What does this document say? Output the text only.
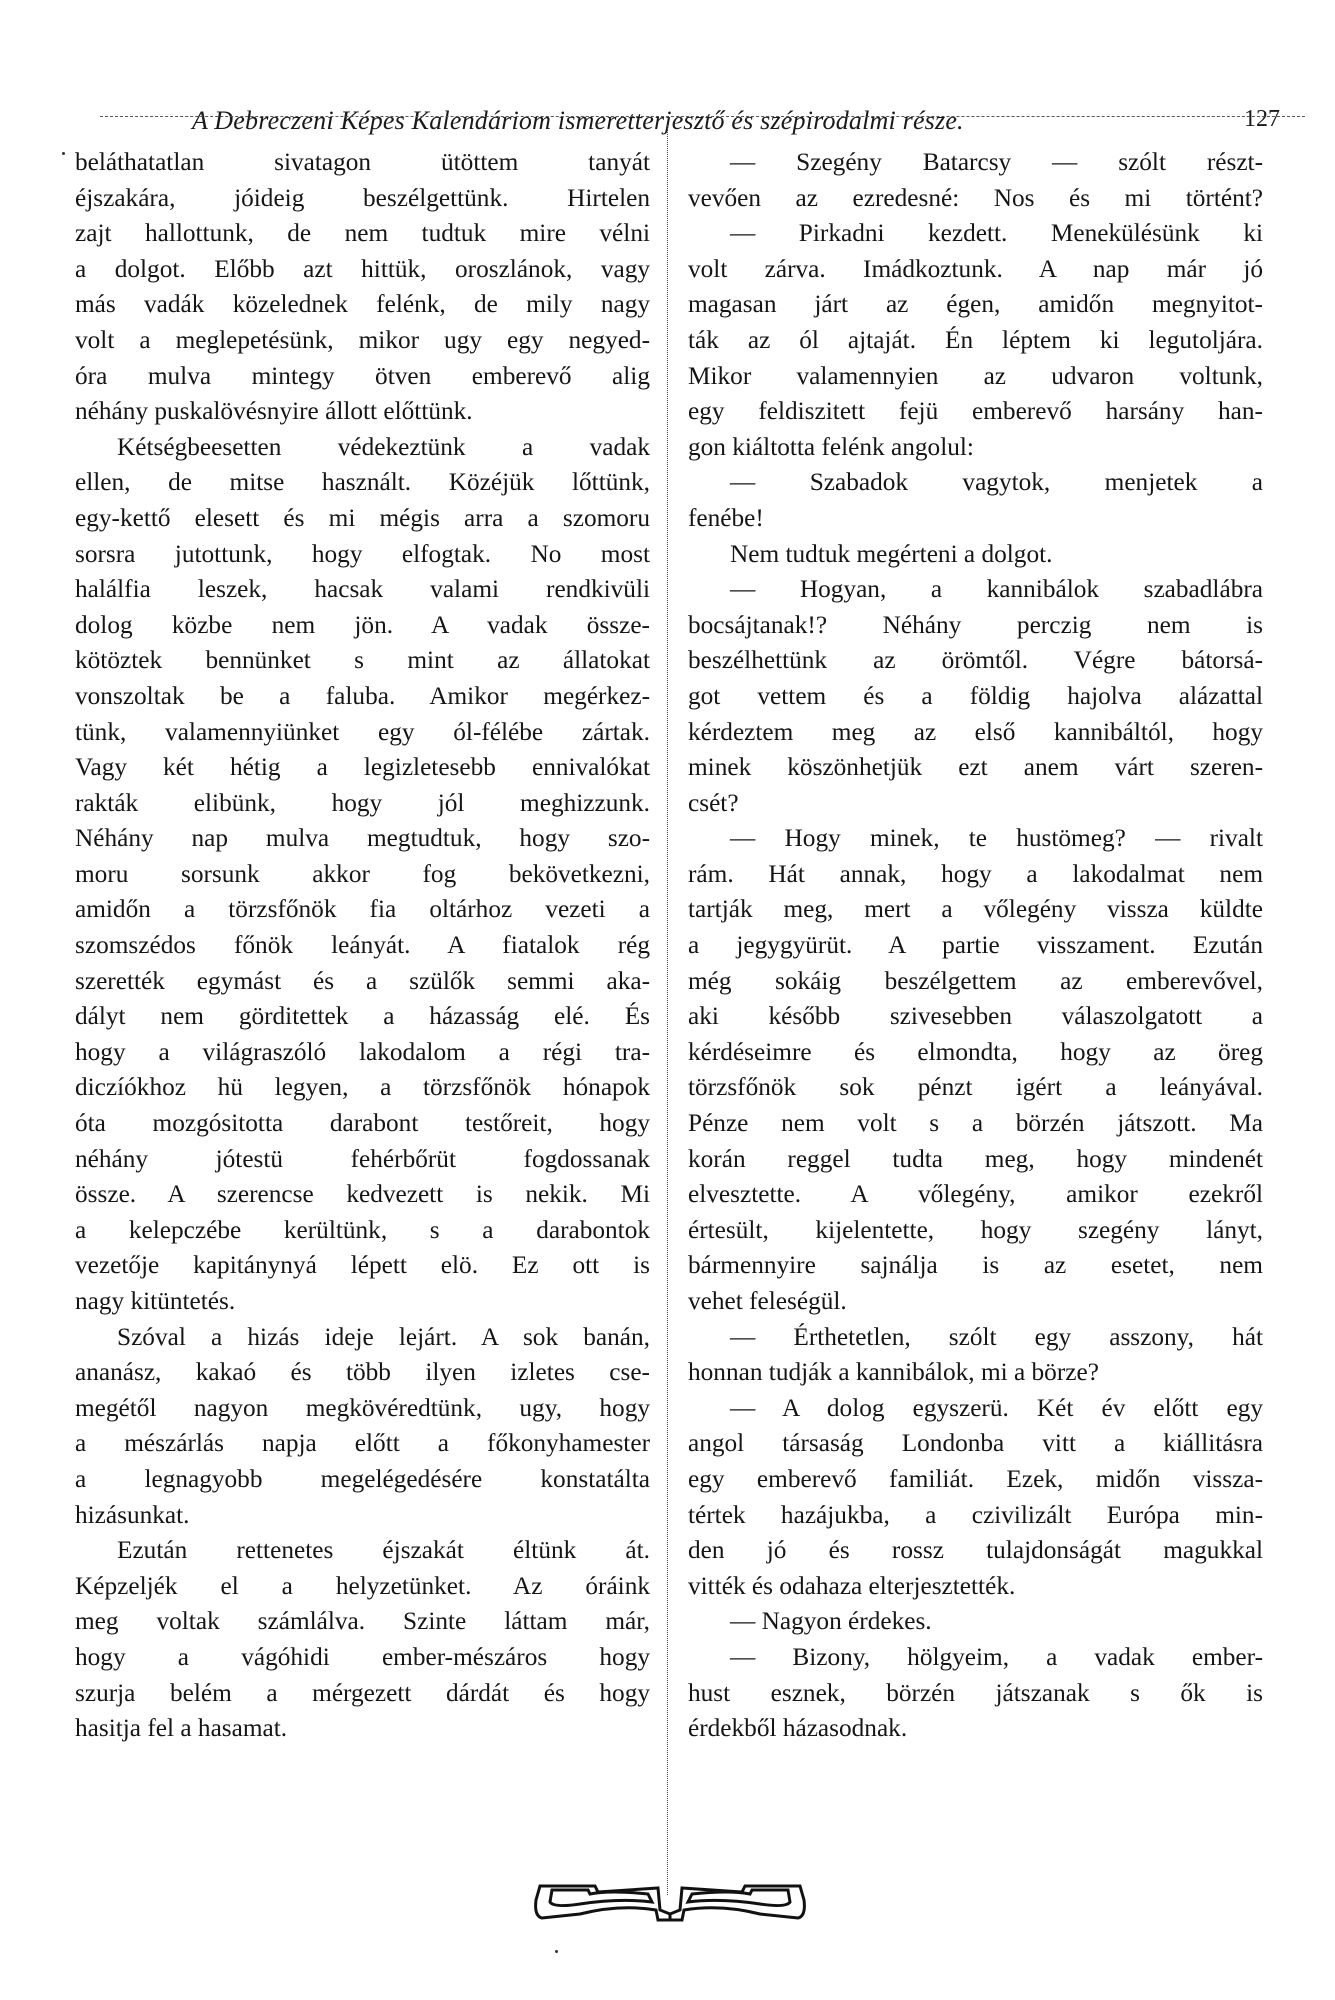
A Debreczeni Képes Kalendáriom ismeretterjesztő és szépirodalmi része.	127
beláthatatlan sivatagon ütöttem tanyát
éjszakára, jóideig beszélgettünk. Hirtelen
zajt hallottunk, de nem tudtuk mire vélni
a dolgot. Előbb azt hittük, oroszlánok, vagy
más vadák közelednek felénk, de mily nagy
volt a meglepetésünk, mikor ugy egy negyed-
óra mulva mintegy ötven emberevő alig
néhány puskalövésnyire állott előttünk.
Kétségbeesetten védekeztünk a vadak
ellen, de mitse használt. Közéjük lőttünk,
egy-kettő elesett és mi mégis arra a szomoru
sorsra jutottunk, hogy elfogtak. No most
halálfia leszek, hacsak valami rendkivüli
dolog közbe nem jön. A vadak össze-
kötöztek bennünket s mint az állatokat
vonszoltak be a faluba. Amikor megérkez-
tünk, valamennyiünket egy ól-félébe zártak.
Vagy két hétig a legizletesebb ennivalókat
rakták elibünk, hogy jól meghizzunk.
Néhány nap mulva megtudtuk, hogy szo-
moru sorsunk akkor fog bekövetkezni,
amidőn a törzsfőnök fia oltárhoz vezeti a
szomszédos főnök leányát. A fiatalok rég
szerették egymást és a szülők semmi aka-
dályt nem görditettek a házasság elé. És
hogy a világraszóló lakodalom a régi tra-
diczíókhoz hü legyen, a törzsfőnök hónapok
óta mozgósitotta darabont testőreit, hogy
néhány jótestü fehérbőrüt fogdossanak
össze. A szerencse kedvezett is nekik. Mi
a kelepczébe kerültünk, s a darabontok
vezetője kapitánynyá lépett elö. Ez ott is
nagy kitüntetés.
Szóval a hizás ideje lejárt. A sok banán,
ananász, kakaó és több ilyen izletes cse-
megétől nagyon megkövéredtünk, ugy, hogy
a mészárlás napja előtt a főkonyhamester
a legnagyobb megelégedésére konstatálta
hizásunkat.
Ezután rettenetes éjszakát éltünk át.
Képzeljék el a helyzetünket. Az óráink
meg voltak számlálva. Szinte láttam már,
hogy a vágóhidi ember-mészáros hogy
szurja belém a mérgezett dárdát és hogy
hasitja fel a hasamat.
— Szegény Batarcsy — szólt részt-
vevően az ezredesné: Nos és mi történt?
— Pirkadni kezdett. Menekülésünk ki
volt zárva. Imádkoztunk. A nap már jó
magasan járt az égen, amidőn megnyitot-
ták az ól ajtaját. Én léptem ki legutoljára.
Mikor valamennyien az udvaron voltunk,
egy feldiszitett fejü emberevő harsány han-
gon kiáltotta felénk angolul:
— Szabadok vagytok, menjetek a
fenébe!
Nem tudtuk megérteni a dolgot.
— Hogyan, a kannibálok szabadlábra
bocsájtanak!? Néhány perczig nem is
beszélhettünk az örömtől. Végre bátorsá-
got vettem és a földig hajolva alázattal
kérdeztem meg az első kannibáltól, hogy
minek köszönhetjük ezt anem várt szeren-
csét?
— Hogy minek, te hustömeg? — rivalt
rám. Hát annak, hogy a lakodalmat nem
tartják meg, mert a vőlegény vissza küldte
a jegygyürüt. A partie visszament. Ezután
még sokáig beszélgettem az emberevővel,
aki később szivesebben válaszolgatott a
kérdéseimre és elmondta, hogy az öreg
törzsfőnök sok pénzt igért a leányával.
Pénze nem volt s a börzén játszott. Ma
korán reggel tudta meg, hogy mindenét
elvesztette. A vőlegény, amikor ezekről
értesült, kijelentette, hogy szegény lányt,
bármennyire sajnálja is az esetet, nem
vehet feleségül.
— Érthetetlen, szólt egy asszony, hát
honnan tudják a kannibálok, mi a börze?
— A dolog egyszerü. Két év előtt egy
angol társaság Londonba vitt a kiállitásra
egy emberevő familiát. Ezek, midőn vissza-
tértek hazájukba, a czivilizált Európa min-
den jó és rossz tulajdonságát magukkal
vitték és odahaza elterjesztették.
— Nagyon érdekes.
— Bizony, hölgyeim, a vadak ember-
hust esznek, börzén játszanak s ők is
érdekből házasodnak.
